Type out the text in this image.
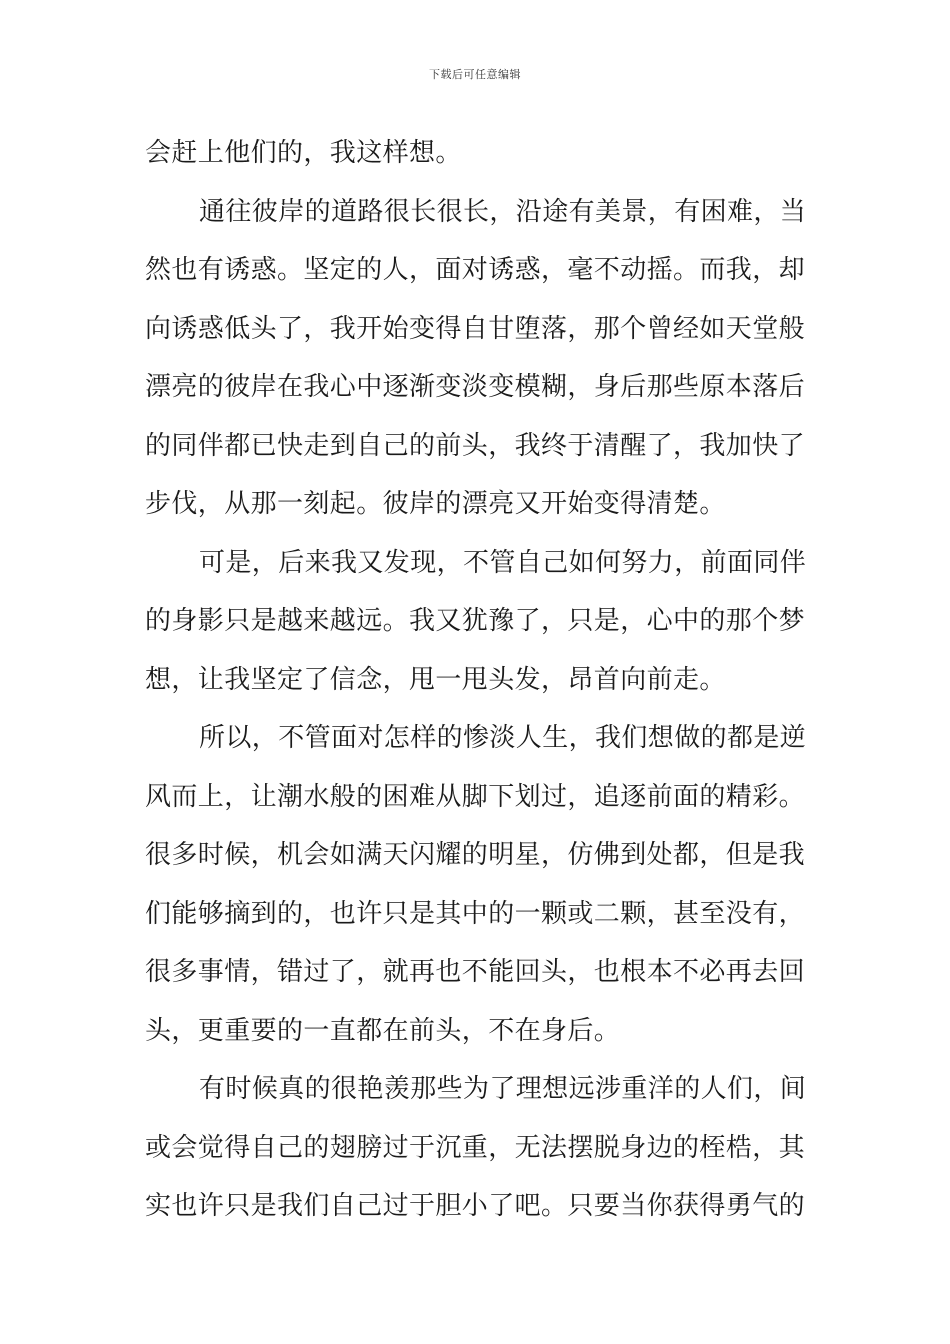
下载后可任意编辑

会赶上他们的，我这样想。

通往彼岸的道路很长很长，沿途有美景，有困难，当
然也有诱惑。坚定的人，面对诱惑，毫不动摇。而我，却
向诱惑低头了，我开始变得自甘堕落，那个曾经如天堂般
漂亮的彼岸在我心中逐渐变淡变模糊，身后那些原本落后
的同伴都已快走到自己的前头，我终于清醒了，我加快了
步伐，从那一刻起。彼岸的漂亮又开始变得清楚。

可是，后来我又发现，不管自己如何努力，前面同伴
的身影只是越来越远。我又犹豫了，只是，心中的那个梦
想，让我坚定了信念，甩一甩头发，昂首向前走。

所以，不管面对怎样的惨淡人生，我们想做的都是逆
风而上，让潮水般的困难从脚下划过，追逐前面的精彩。
很多时候，机会如满天闪耀的明星，仿佛到处都，但是我
们能够摘到的，也许只是其中的一颗或二颗，甚至没有，
很多事情，错过了，就再也不能回头，也根本不必再去回
头，更重要的一直都在前头，不在身后。

有时候真的很艳羡那些为了理想远涉重洋的人们，间
或会觉得自己的翅膀过于沉重，无法摆脱身边的桎梏，其
实也许只是我们自己过于胆小了吧。只要当你获得勇气的
